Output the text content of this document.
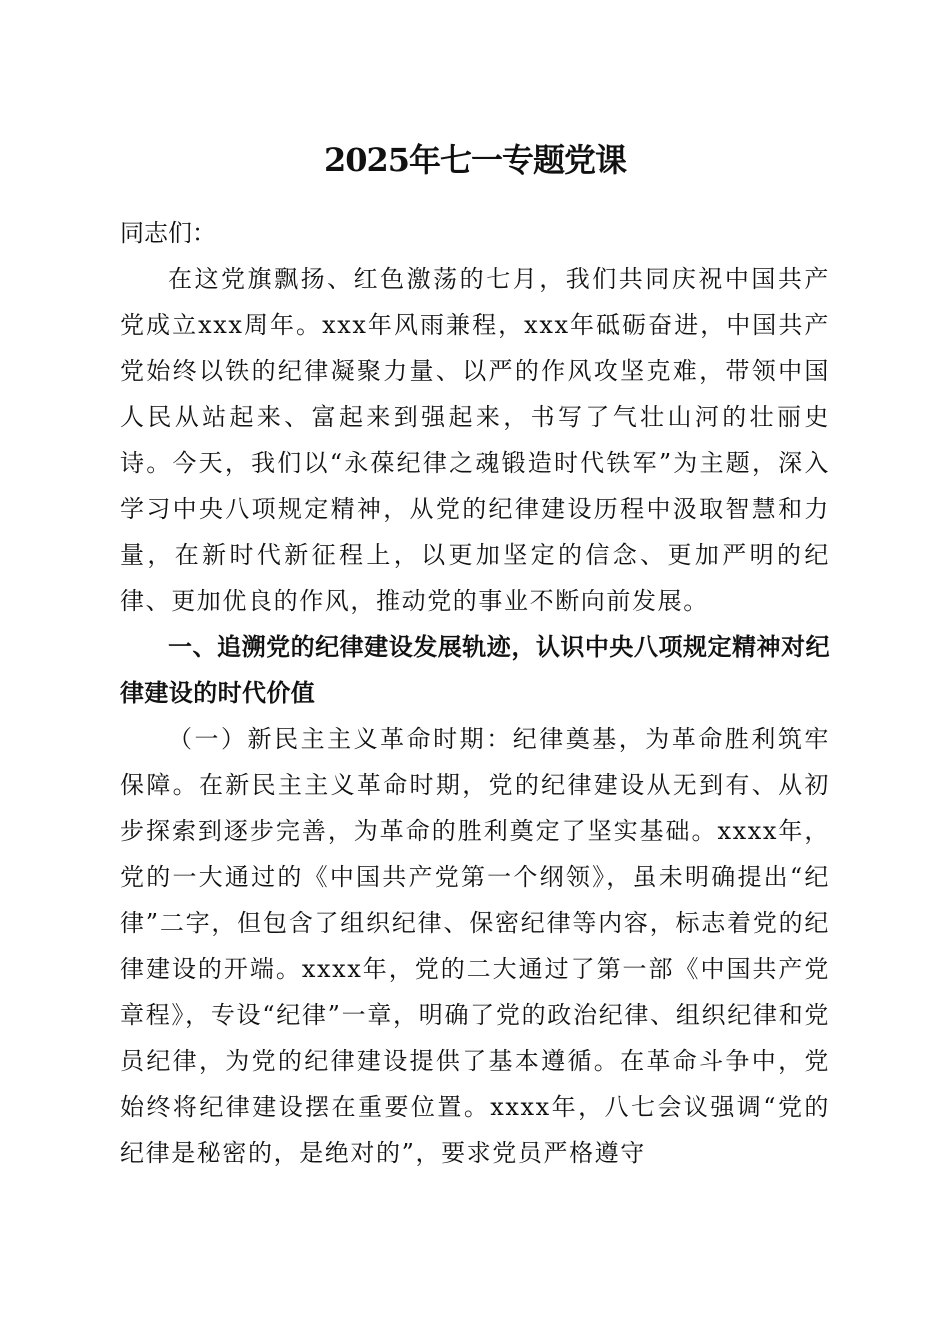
2025年七一专题党课

同志们：

在这党旗飘扬、红色激荡的七月，我们共同庆祝中国共产党成立xxx周年。xxx年风雨兼程，xxx年砥砺奋进，中国共产党始终以铁的纪律凝聚力量、以严的作风攻坚克难，带领中国人民从站起来、富起来到强起来，书写了气壮山河的壮丽史诗。今天，我们以“永葆纪律之魂锻造时代铁军”为主题，深入学习中央八项规定精神，从党的纪律建设历程中汲取智慧和力量，在新时代新征程上，以更加坚定的信念、更加严明的纪律、更加优良的作风，推动党的事业不断向前发展。

一、追溯党的纪律建设发展轨迹，认识中央八项规定精神对纪律建设的时代价值

（一）新民主主义革命时期：纪律奠基，为革命胜利筑牢保障。在新民主主义革命时期，党的纪律建设从无到有、从初步探索到逐步完善，为革命的胜利奠定了坚实基础。xxxx年，党的一大通过的《中国共产党第一个纲领》，虽未明确提出“纪律”二字，但包含了组织纪律、保密纪律等内容，标志着党的纪律建设的开端。xxxx年，党的二大通过了第一部《中国共产党章程》，专设“纪律”一章，明确了党的政治纪律、组织纪律和党员纪律，为党的纪律建设提供了基本遵循。在革命斗争中，党始终将纪律建设摆在重要位置。xxxx年，八七会议强调“党的纪律是秘密的，是绝对的”，要求党员严格遵守
